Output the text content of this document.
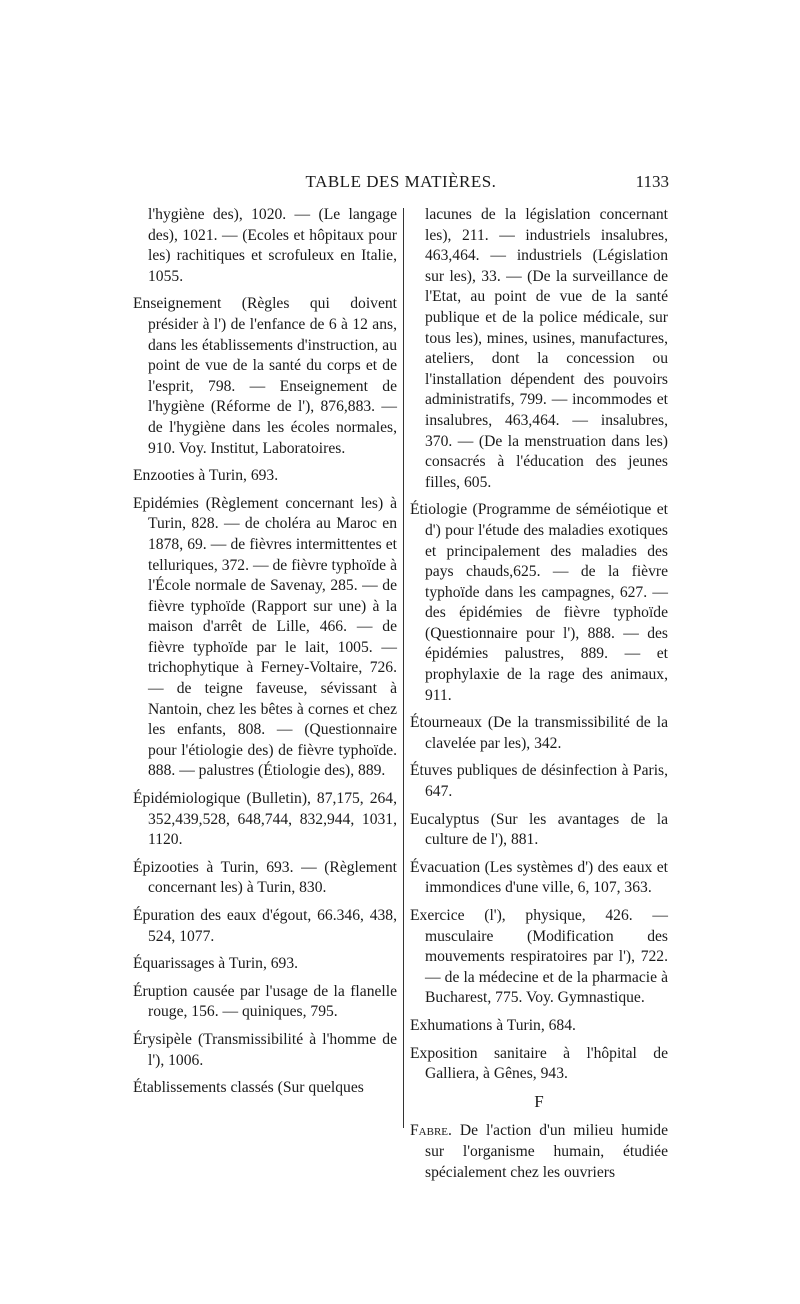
TABLE DES MATIÈRES.	1133
l'hygiène des), 1020. — (Le langage des), 1021. — (Ecoles et hôpitaux pour les) rachitiques et scrofuleux en Italie, 1055.
Enseignement (Règles qui doivent présider à l') de l'enfance de 6 à 12 ans, dans les établissements d'instruction, au point de vue de la santé du corps et de l'esprit, 798. — Enseignement de l'hygiène (Réforme de l'), 876,883. — de l'hygiène dans les écoles normales, 910. Voy. Institut, Laboratoires.
Enzooties à Turin, 693.
Epidémies (Règlement concernant les) à Turin, 828. — de choléra au Maroc en 1878, 69. — de fièvres intermittentes et telluriques, 372. — de fièvre typhoïde à l'École normale de Savenay, 285. — de fièvre typhoïde (Rapport sur une) à la maison d'arrêt de Lille, 466. — de fièvre typhoïde par le lait, 1005. — trichophytique à Ferney-Voltaire, 726. — de teigne faveuse, sévissant à Nantoin, chez les bêtes à cornes et chez les enfants, 808. — (Questionnaire pour l'étiologie des) de fièvre typhoïde. 888. — palustres (Étiologie des), 889.
Épidémiologique (Bulletin), 87,175, 264, 352,439,528, 648,744, 832,944, 1031, 1120.
Épizooties à Turin, 693. — (Règlement concernant les) à Turin, 830.
Épuration des eaux d'égout, 66.346, 438, 524, 1077.
Équarissages à Turin, 693.
Éruption causée par l'usage de la flanelle rouge, 156. — quiniques, 795.
Érysipèle (Transmissibilité à l'homme de l'), 1006.
Établissements classés (Sur quelques
lacunes de la législation concernant les), 211. — industriels insalubres, 463,464. — industriels (Législation sur les), 33. — (De la surveillance de l'Etat, au point de vue de la santé publique et de la police médicale, sur tous les), mines, usines, manufactures, ateliers, dont la concession ou l'installation dépendent des pouvoirs administratifs, 799. — incommodes et insalubres, 463,464. — insalubres, 370. — (De la menstruation dans les) consacrés à l'éducation des jeunes filles, 605.
Étiologie (Programme de séméiotique et d') pour l'étude des maladies exotiques et principalement des maladies des pays chauds,625. — de la fièvre typhoïde dans les campagnes, 627. — des épidémies de fièvre typhoïde (Questionnaire pour l'), 888. — des épidémies palustres, 889. — et prophylaxie de la rage des animaux, 911.
Étourneaux (De la transmissibilité de la clavelée par les), 342.
Étuves publiques de désinfection à Paris, 647.
Eucalyptus (Sur les avantages de la culture de l'), 881.
Évacuation (Les systèmes d') des eaux et immondices d'une ville, 6, 107, 363.
Exercice (l'), physique, 426. — musculaire (Modification des mouvements respiratoires par l'), 722. — de la médecine et de la pharmacie à Bucharest, 775. Voy. Gymnastique.
Exhumations à Turin, 684.
Exposition sanitaire à l'hôpital de Galliera, à Gênes, 943.
F
Fabre. De l'action d'un milieu humide sur l'organisme humain, étudiée spécialement chez les ouvriers
